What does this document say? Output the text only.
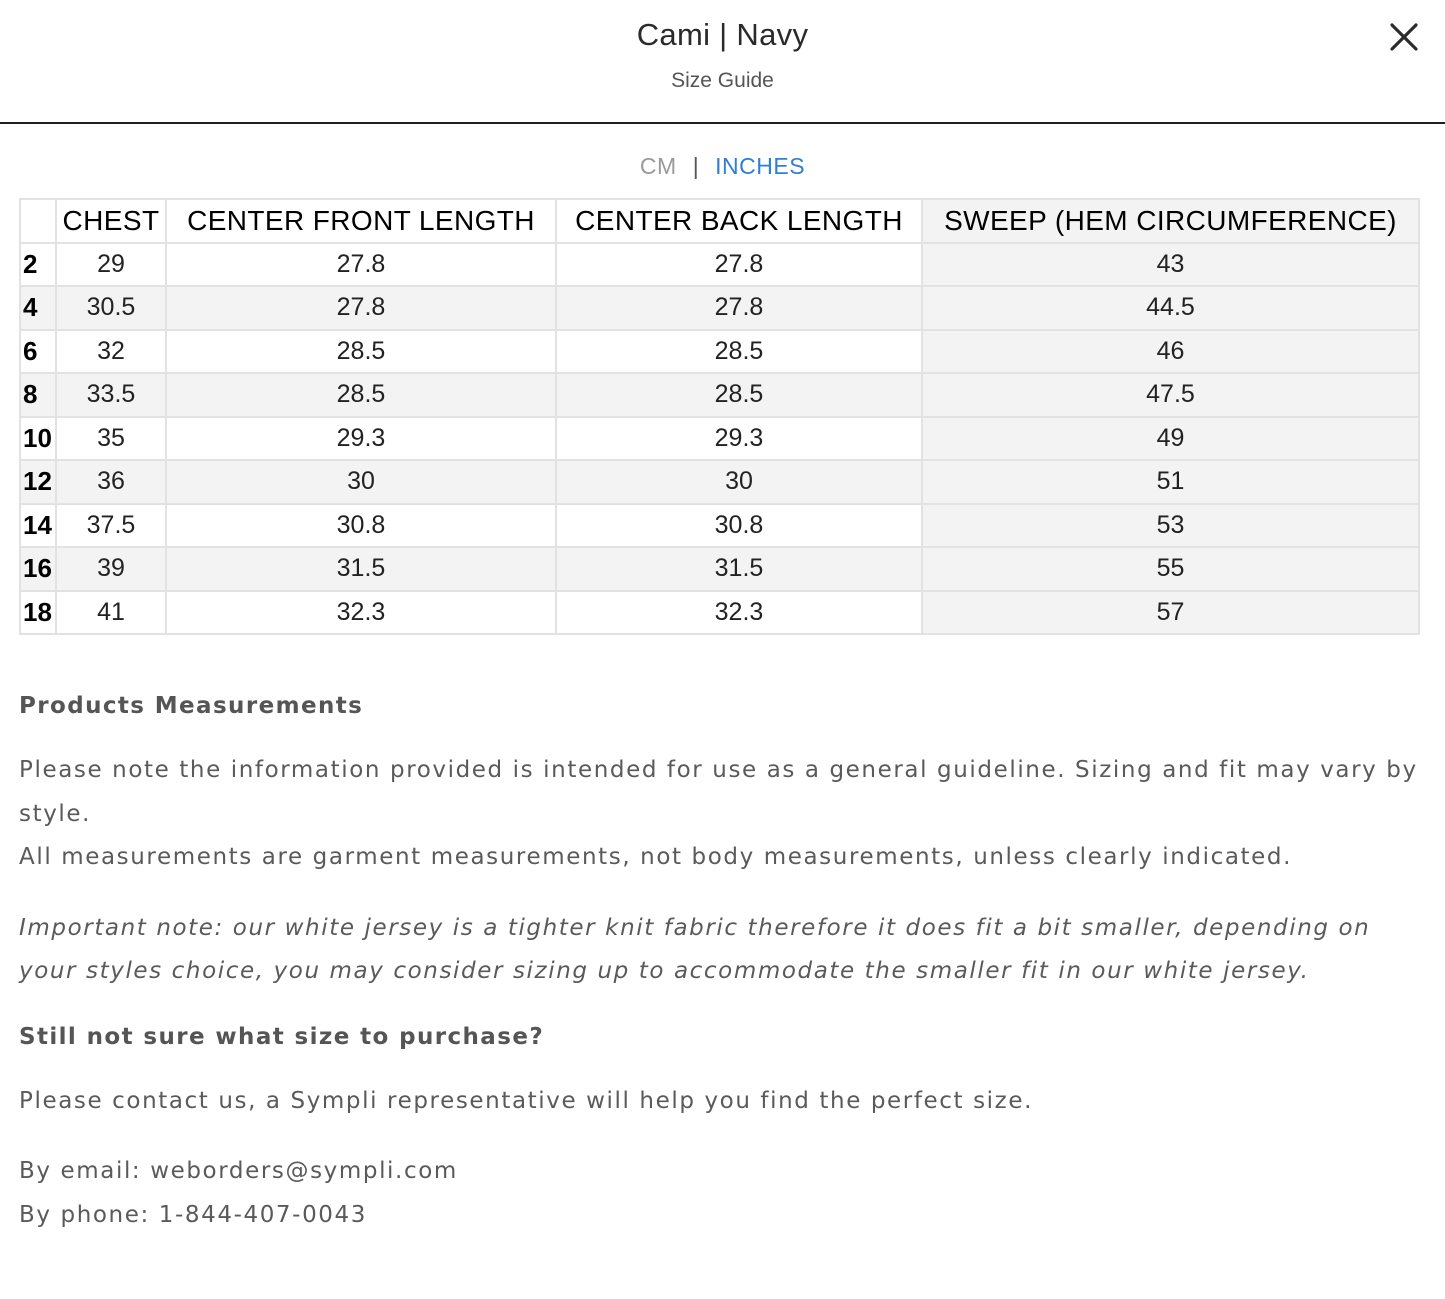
Cami | Navy
Size Guide
CM | INCHES
	CHEST	CENTER FRONT LENGTH	CENTER BACK LENGTH	SWEEP (HEM CIRCUMFERENCE)
2	29	27.8	27.8	43
4	30.5	27.8	27.8	44.5
6	32	28.5	28.5	46
8	33.5	28.5	28.5	47.5
10	35	29.3	29.3	49
12	36	30	30	51
14	37.5	30.8	30.8	53
16	39	31.5	31.5	55
18	41	32.3	32.3	57
Products Measurements

Please note the information provided is intended for use as a general guideline. Sizing and fit may vary by style.
All measurements are garment measurements, not body measurements, unless clearly indicated.

Important note: our white jersey is a tighter knit fabric therefore it does fit a bit smaller, depending on your styles choice, you may consider sizing up to accommodate the smaller fit in our white jersey.

Still not sure what size to purchase?

Please contact us, a Sympli representative will help you find the perfect size.

By email: weborders@sympli.com
By phone: 1-844-407-0043
